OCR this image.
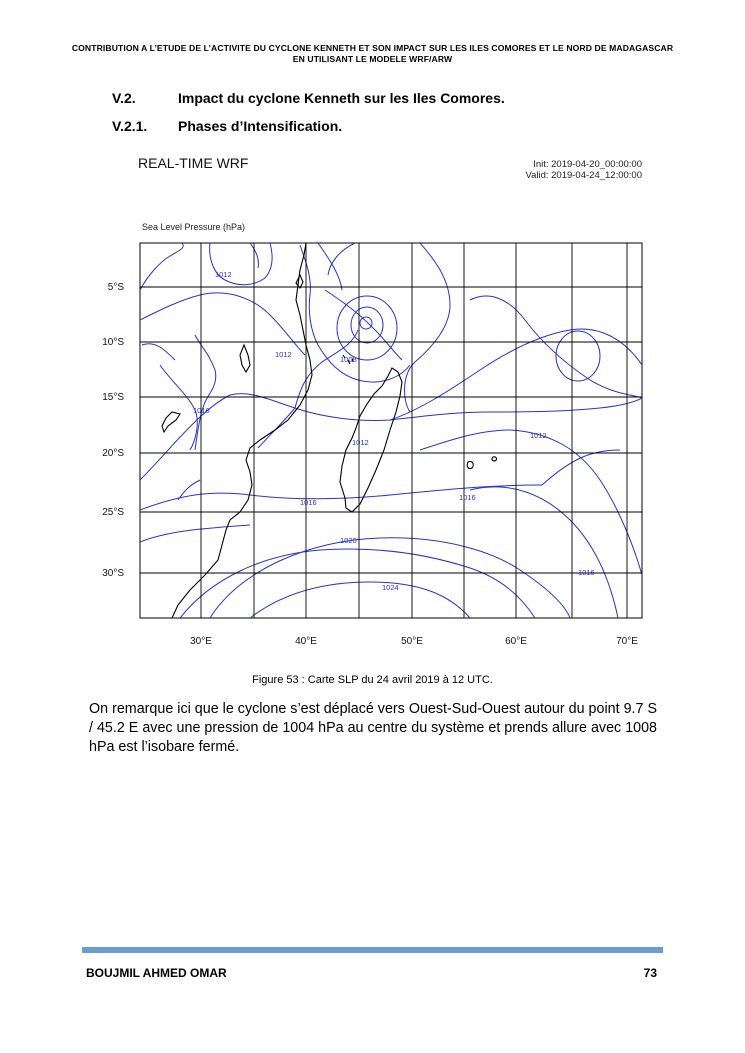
CONTRIBUTION A L’ETUDE DE L’ACTIVITE DU CYCLONE KENNETH ET SON IMPACT SUR LES ILES COMORES ET LE NORD DE MADAGASCAR
EN UTILISANT LE MODELE WRF/ARW
V.2.	Impact du cyclone Kenneth sur les Iles Comores.
V.2.1. Phases d’Intensification.
REAL-TIME WRF	Init: 2019-04-20_00:00:00
Valid: 2019-04-24_12:00:00
Sea Level Pressure (hPa)
1012
1012
1008
1016
1012
1012
1016
1016
1020
1024
1016
5°S
10°S
15°S
20°S
25°S
30°S
30°E	40°E	50°E	60°E	70°E
Figure 53 : Carte SLP du 24 avril 2019 à 12 UTC.
On remarque ici que le cyclone s’est déplacé vers Ouest-Sud-Ouest autour du point 9.7 S / 45.2 E avec une pression de 1004 hPa au centre du système et prends allure avec 1008 hPa est l’isobare fermé.
BOUJMIL AHMED OMAR	73
